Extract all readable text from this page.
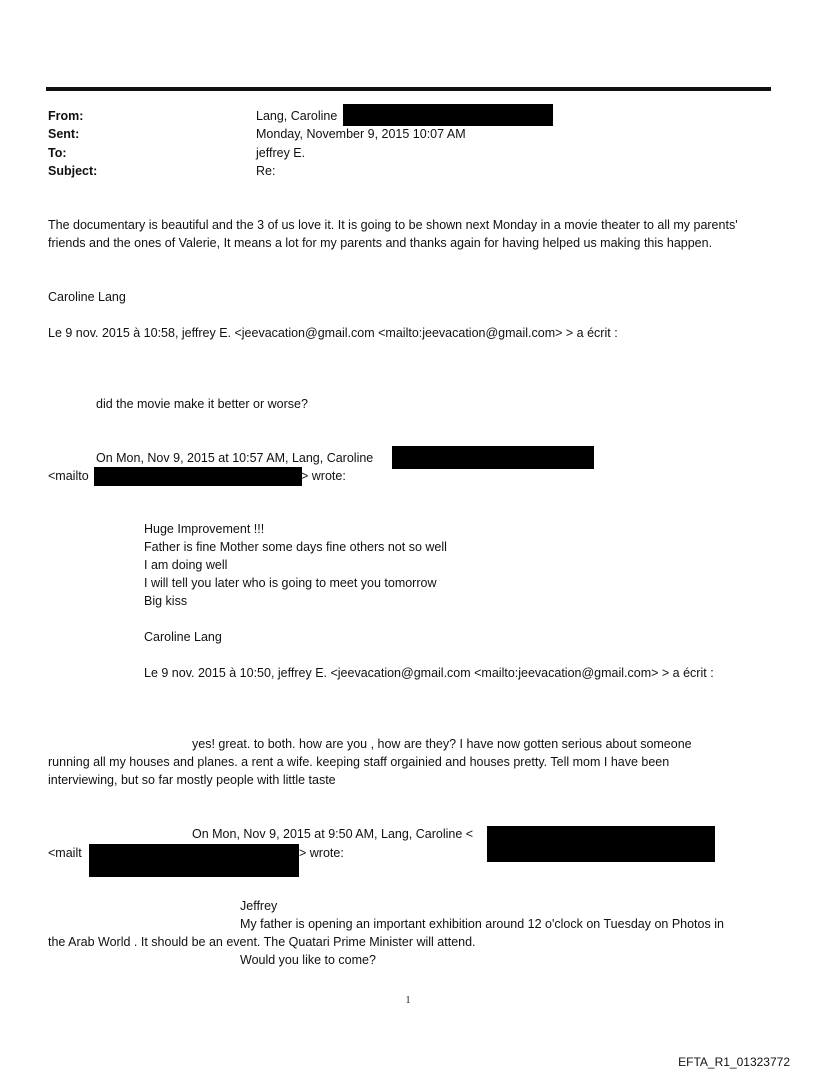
From:	Lang, Caroline
Sent:	Monday, November 9, 2015 10:07 AM
To:	jeffrey E.
Subject:	Re:
The documentary is beautiful and the 3 of us love it. It is going to be shown next Monday in a movie theater to all my parents' friends and the ones of Valerie, It means a lot for my parents and thanks again for having helped us making this happen.
Caroline Lang
Le 9 nov. 2015 à 10:58, jeffrey E. <jeevacation@gmail.com <mailto:jeevacation@gmail.com> > a écrit :
did the movie make it better or worse?
On Mon, Nov 9, 2015 at 10:57 AM, Lang, Caroline
<mailto	> wrote:
Huge Improvement !!!
Father is fine Mother some days fine others not so well
I am doing well
I will tell you later who is going to meet you tomorrow
Big kiss
Caroline Lang
Le 9 nov. 2015 à 10:50, jeffrey E. <jeevacation@gmail.com <mailto:jeevacation@gmail.com> > a écrit :
yes! great. to both. how are you , how are they? I have now gotten serious about someone
running all my houses and planes. a rent a wife. keeping staff orgainied and houses pretty. Tell mom I have been
interviewing, but so far mostly people with little taste
On Mon, Nov 9, 2015 at 9:50 AM, Lang, Caroline <
<mailt	> wrote:
Jeffrey
My father is opening an important exhibition around 12 o'clock on Tuesday on Photos in
the Arab World . It should be an event. The Quatari Prime Minister will attend.
Would you like to come?
1
EFTA_R1_01323772
